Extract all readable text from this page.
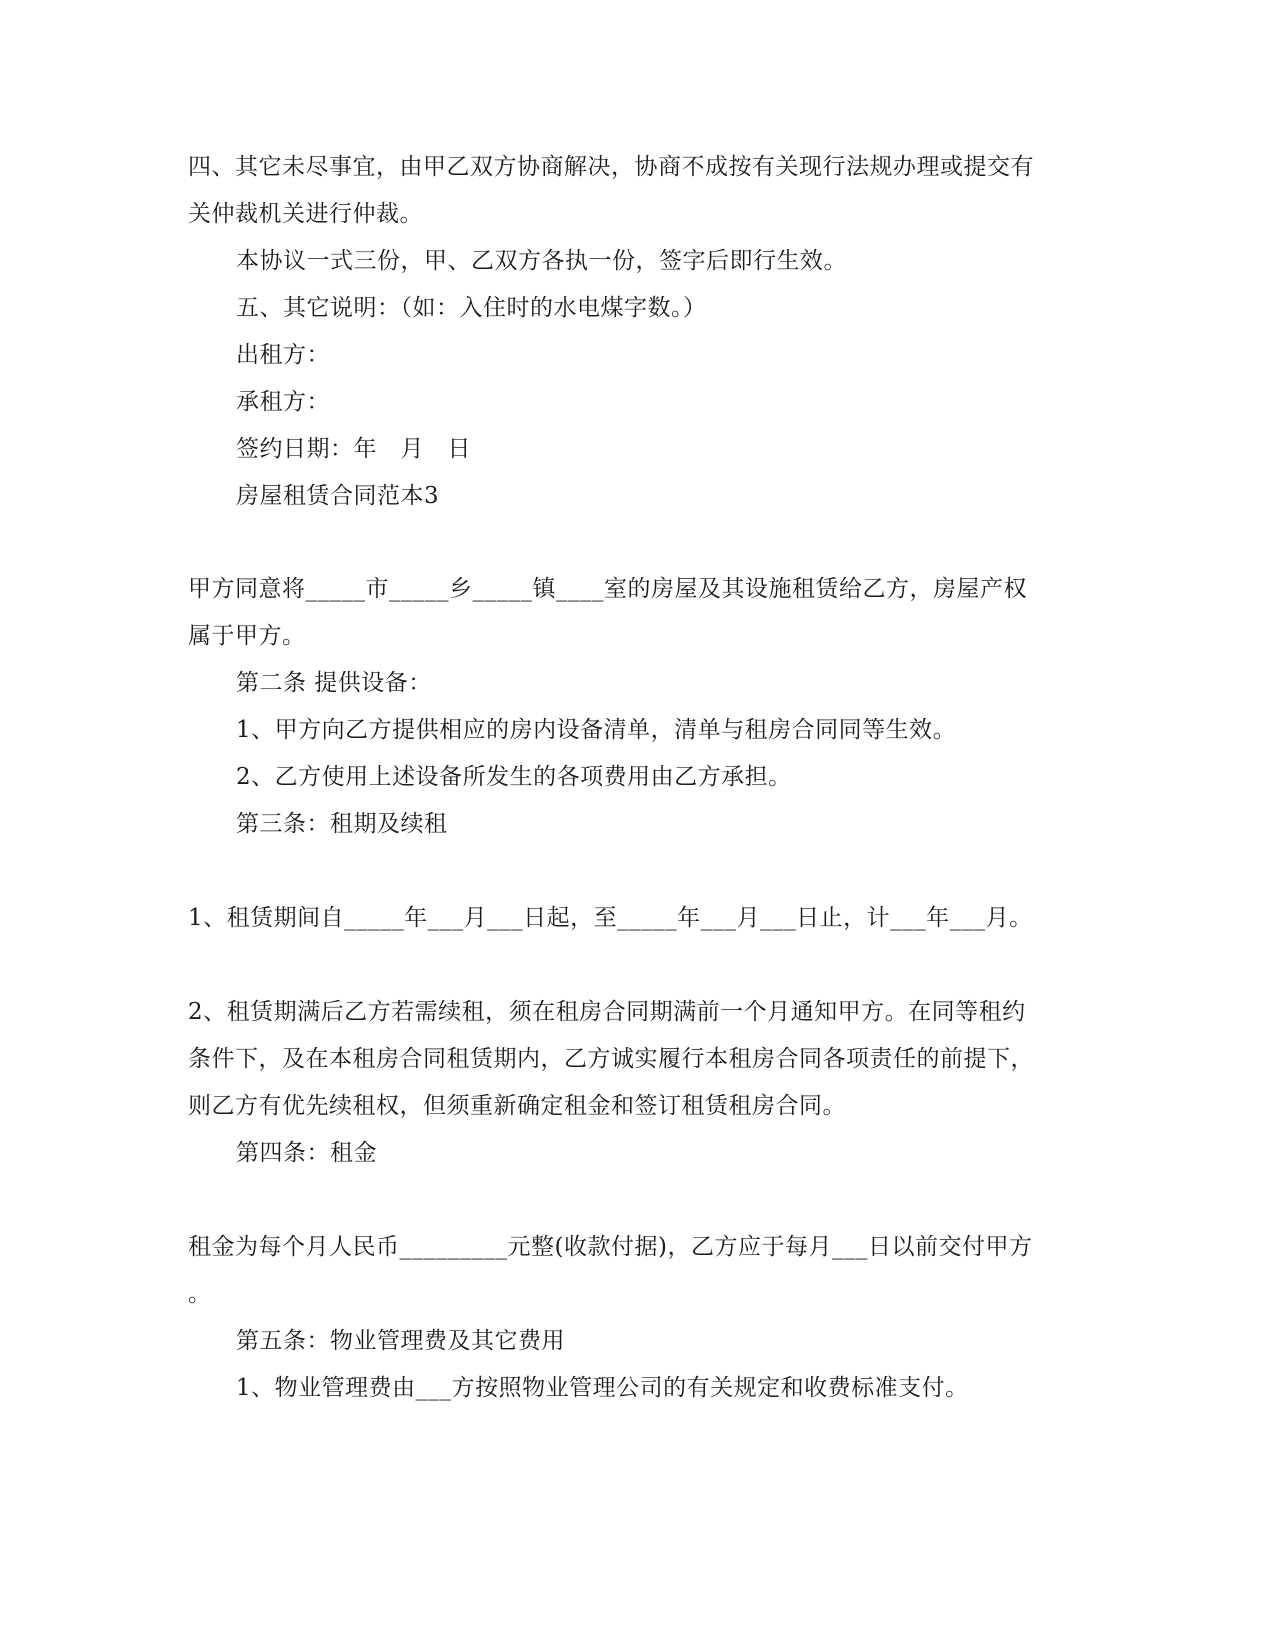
四、其它未尽事宜，由甲乙双方协商解决，协商不成按有关现行法规办理或提交有
关仲裁机关进行仲裁。
本协议一式三份，甲、乙双方各执一份，签字后即行生效。
五、其它说明：（如：入住时的水电煤字数。）
出租方：
承租方：
签约日期：年　月　日
房屋租赁合同范本3
甲方同意将_____市_____乡_____镇____室的房屋及其设施租赁给乙方，房屋产权
属于甲方。
第二条 提供设备：
1、甲方向乙方提供相应的房内设备清单，清单与租房合同同等生效。
2、乙方使用上述设备所发生的各项费用由乙方承担。
第三条：租期及续租
1、租赁期间自_____年___月___日起，至_____年___月___日止，计___年___月。
2、租赁期满后乙方若需续租，须在租房合同期满前一个月通知甲方。在同等租约
条件下，及在本租房合同租赁期内，乙方诚实履行本租房合同各项责任的前提下，
则乙方有优先续租权，但须重新确定租金和签订租赁租房合同。
第四条：租金
租金为每个月人民币_________元整(收款付据)，乙方应于每月___日以前交付甲方
。
第五条：物业管理费及其它费用
1、物业管理费由___方按照物业管理公司的有关规定和收费标准支付。
